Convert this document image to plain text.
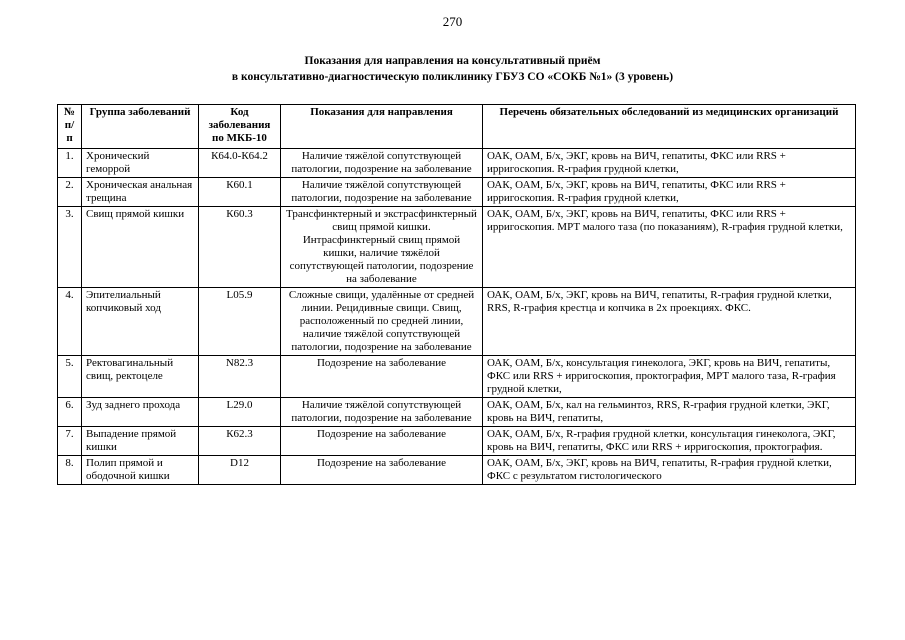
270
Показания для направления на консультативный приём
в консультативно-диагностическую поликлинику ГБУЗ СО «СОКБ №1» (3 уровень)
№ п/п	Группа заболеваний	Код заболевания по МКБ-10	Показания для направления	Перечень обязательных обследований из медицинских организаций
1.	Хронический геморрой	К64.0-К64.2	Наличие тяжёлой сопутствующей патологии, подозрение на заболевание	ОАК, ОАМ, Б/х, ЭКГ, кровь на ВИЧ, гепатиты, ФКС или RRS + ирригоскопия. R-графия грудной клетки,
2.	Хроническая анальная трещина	К60.1	Наличие тяжёлой сопутствующей патологии, подозрение на заболевание	ОАК, ОАМ, Б/х, ЭКГ, кровь на ВИЧ, гепатиты, ФКС или RRS + ирригоскопия. R-графия грудной клетки,
3.	Свищ прямой кишки	К60.3	Трансфинктерный и экстрасфинктерный свищ прямой кишки. Интрасфинктерный свищ прямой кишки, наличие тяжёлой сопутствующей патологии, подозрение на заболевание	ОАК, ОАМ, Б/х, ЭКГ, кровь на ВИЧ, гепатиты, ФКС или RRS + ирригоскопия. МРТ малого таза (по показаниям), R-графия грудной клетки,
4.	Эпителиальный копчиковый ход	L05.9	Сложные свищи, удалённые от средней линии. Рецидивные свищи. Свищ, расположенный по средней линии, наличие тяжёлой сопутствующей патологии, подозрение на заболевание	ОАК, ОАМ, Б/х, ЭКГ, кровь на ВИЧ, гепатиты, R-графия грудной клетки, RRS, R-графия крестца и копчика в 2х проекциях. ФКС.
5.	Ректовагинальный свищ, ректоцеле	N82.3	Подозрение на заболевание	ОАК, ОАМ, Б/х, консультация гинеколога, ЭКГ, кровь на ВИЧ, гепатиты, ФКС или RRS + ирригоскопия, проктография, МРТ малого таза, R-графия грудной клетки,
6.	Зуд заднего прохода	L29.0	Наличие тяжёлой сопутствующей патологии, подозрение на заболевание	ОАК, ОАМ, Б/х, кал на гельминтоз, RRS, R-графия грудной клетки, ЭКГ, кровь на ВИЧ, гепатиты,
7.	Выпадение прямой кишки	К62.3	Подозрение на заболевание	ОАК, ОАМ, Б/х, R-графия грудной клетки, консультация гинеколога, ЭКГ, кровь на ВИЧ, гепатиты, ФКС или RRS + ирригоскопия, проктография.
8.	Полип прямой и ободочной кишки	D12	Подозрение на заболевание	ОАК, ОАМ, Б/х, ЭКГ, кровь на ВИЧ, гепатиты, R-графия грудной клетки, ФКС с результатом гистологического
